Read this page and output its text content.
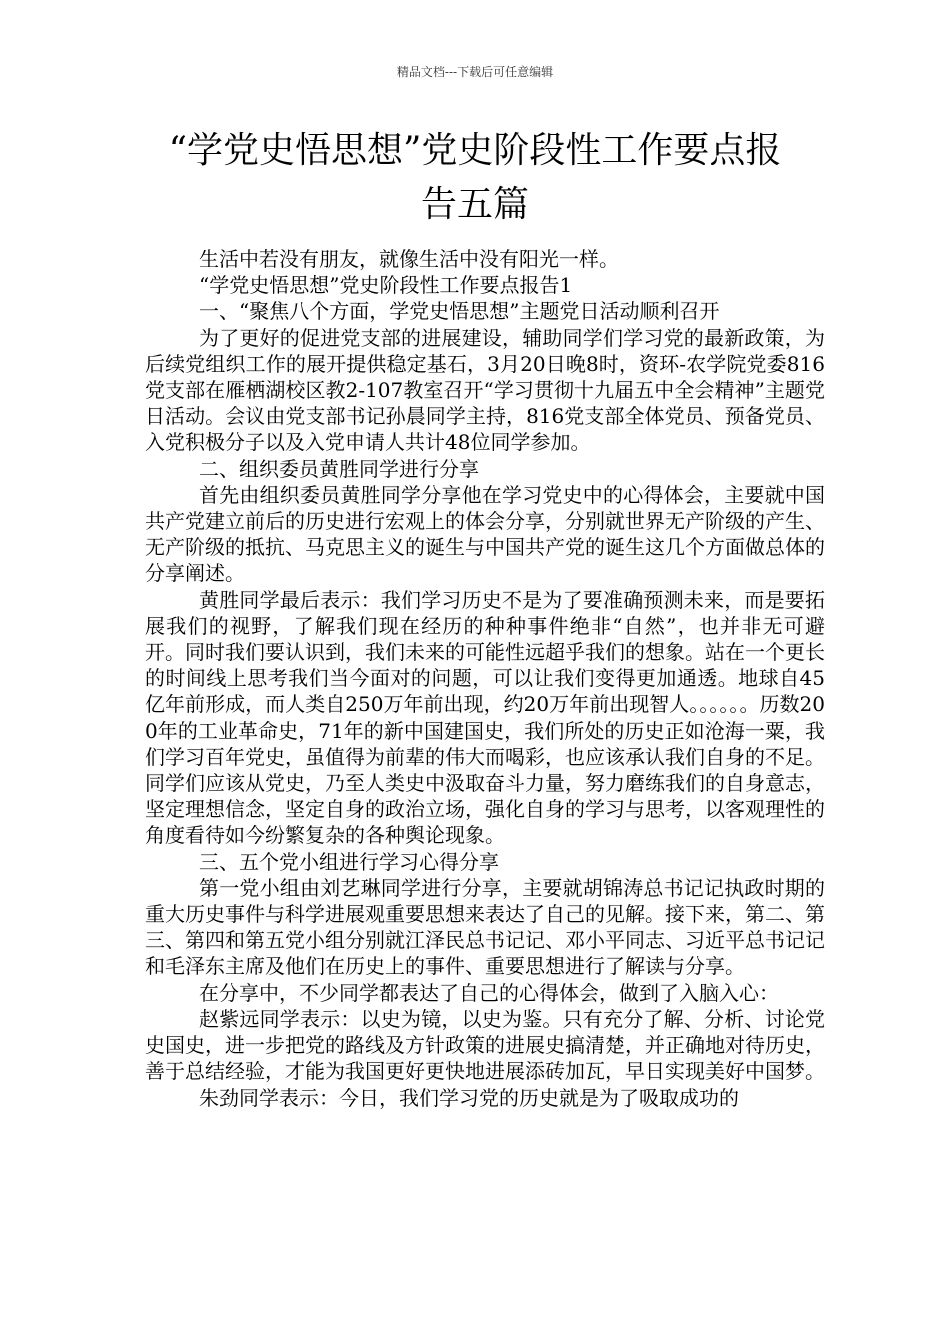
精品文档---下载后可任意编辑
“学党史悟思想”党史阶段性工作要点报
告五篇

生活中若没有朋友，就像生活中没有阳光一样。

“学党史悟思想”党史阶段性工作要点报告1

一、“聚焦八个方面，学党史悟思想”主题党日活动顺利召开

为了更好的促进党支部的进展建设，辅助同学们学习党的最新政策，为后续党组织工作的展开提供稳定基石，3月20日晚8时，资环-农学院党委816党支部在雁栖湖校区教2-107教室召开“学习贯彻十九届五中全会精神”主题党日活动。会议由党支部书记孙晨同学主持，816党支部全体党员、预备党员、入党积极分子以及入党申请人共计48位同学参加。

二、组织委员黄胜同学进行分享

首先由组织委员黄胜同学分享他在学习党史中的心得体会，主要就中国共产党建立前后的历史进行宏观上的体会分享，分别就世界无产阶级的产生、无产阶级的抵抗、马克思主义的诞生与中国共产党的诞生这几个方面做总体的分享阐述。

黄胜同学最后表示：我们学习历史不是为了要准确预测未来，而是要拓展我们的视野，了解我们现在经历的种种事件绝非“自然”，也并非无可避开。同时我们要认识到，我们未来的可能性远超乎我们的想象。站在一个更长的时间线上思考我们当今面对的问题，可以让我们变得更加通透。地球自45亿年前形成，而人类自250万年前出现，约20万年前出现智人。。。。。。历数200年的工业革命史，71年的新中国建国史，我们所处的历史正如沧海一粟，我们学习百年党史，虽值得为前辈的伟大而喝彩，也应该承认我们自身的不足。同学们应该从党史，乃至人类史中汲取奋斗力量，努力磨练我们的自身意志，坚定理想信念，坚定自身的政治立场，强化自身的学习与思考，以客观理性的角度看待如今纷繁复杂的各种舆论现象。

三、五个党小组进行学习心得分享

第一党小组由刘艺琳同学进行分享，主要就胡锦涛总书记记执政时期的重大历史事件与科学进展观重要思想来表达了自己的见解。接下来，第二、第三、第四和第五党小组分别就江泽民总书记记、邓小平同志、习近平总书记记和毛泽东主席及他们在历史上的事件、重要思想进行了解读与分享。

在分享中，不少同学都表达了自己的心得体会，做到了入脑入心：

赵紫远同学表示：以史为镜，以史为鉴。只有充分了解、分析、讨论党史国史，进一步把党的路线及方针政策的进展史搞清楚，并正确地对待历史，善于总结经验，才能为我国更好更快地进展添砖加瓦，早日实现美好中国梦。

朱劲同学表示：今日，我们学习党的历史就是为了吸取成功的
